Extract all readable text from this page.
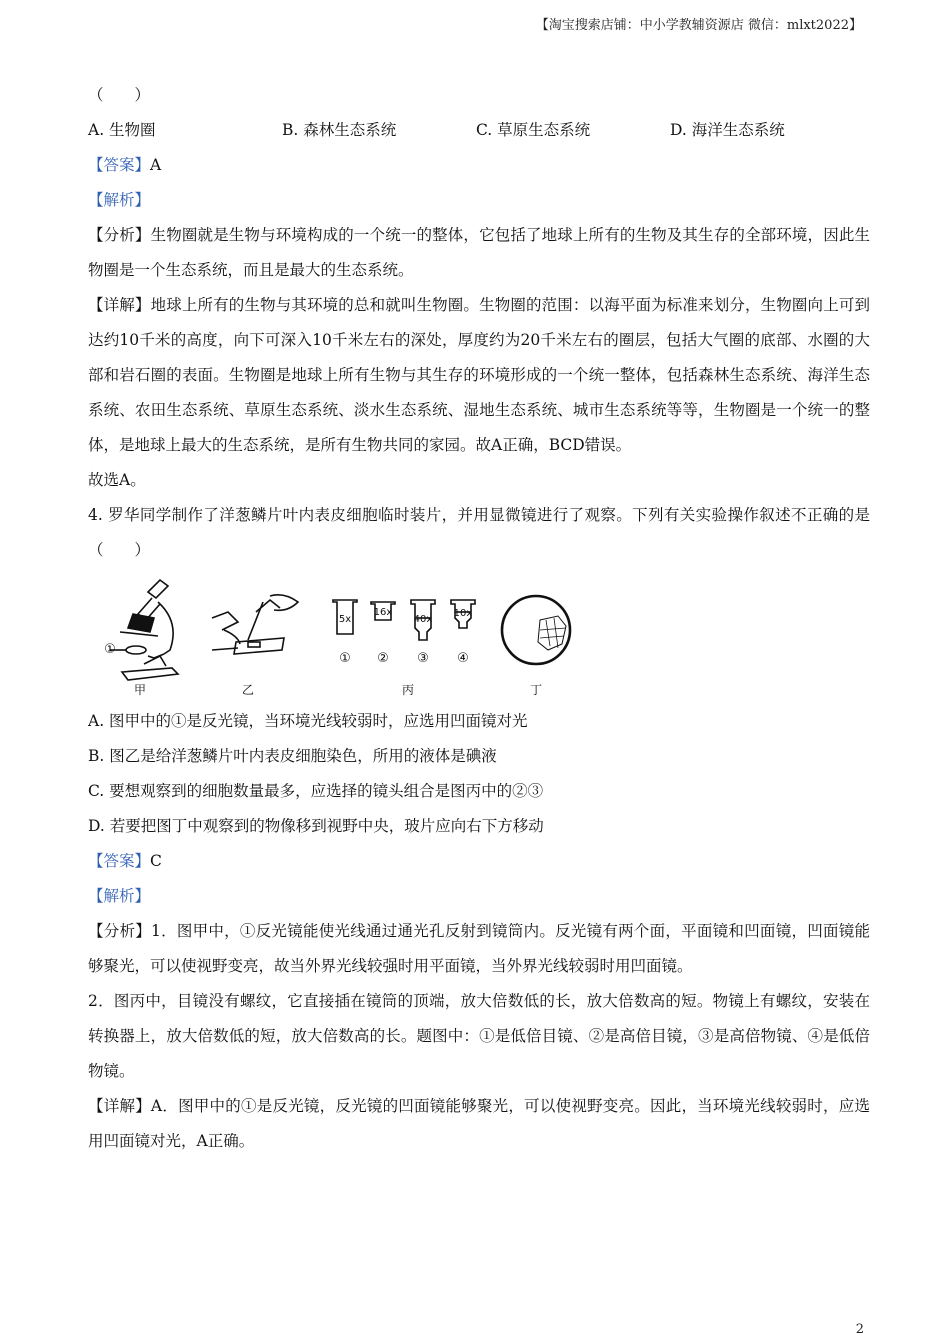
【淘宝搜索店铺：中小学教辅资源店 微信：mlxt2022】
（　　）
A. 生物圈	B. 森林生态系统	C. 草原生态系统	D. 海洋生态系统
【答案】A
【解析】
【分析】生物圈就是生物与环境构成的一个统一的整体，它包括了地球上所有的生物及其生存的全部环境，因此生物圈是一个生态系统，而且是最大的生态系统。
【详解】地球上所有的生物与其环境的总和就叫生物圈。生物圈的范围：以海平面为标准来划分，生物圈向上可到达约10千米的高度，向下可深入10千米左右的深处，厚度约为20千米左右的圈层，包括大气圈的底部、水圈的大部和岩石圈的表面。生物圈是地球上所有生物与其生存的环境形成的一个统一整体，包括森林生态系统、海洋生态系统、农田生态系统、草原生态系统、淡水生态系统、湿地生态系统、城市生态系统等等，生物圈是一个统一的整体，是地球上最大的生态系统，是所有生物共同的家园。故A正确，BCD错误。
故选A。
4. 罗华同学制作了洋葱鳞片叶内表皮细胞临时装片，并用显微镜进行了观察。下列有关实验操作叙述不正确的是（　　）
①
5x
16x
40x
10x
① ② ③ ④
甲	乙	丙	丁
A. 图甲中的①是反光镜，当环境光线较弱时，应选用凹面镜对光
B. 图乙是给洋葱鳞片叶内表皮细胞染色，所用的液体是碘液
C. 要想观察到的细胞数量最多，应选择的镜头组合是图丙中的②③
D. 若要把图丁中观察到的物像移到视野中央，玻片应向右下方移动
【答案】C
【解析】
【分析】1．图甲中，①反光镜能使光线通过通光孔反射到镜筒内。反光镜有两个面，平面镜和凹面镜，凹面镜能够聚光，可以使视野变亮，故当外界光线较强时用平面镜，当外界光线较弱时用凹面镜。
2．图丙中，目镜没有螺纹，它直接插在镜筒的顶端，放大倍数低的长，放大倍数高的短。物镜上有螺纹，安装在转换器上，放大倍数低的短，放大倍数高的长。题图中：①是低倍目镜、②是高倍目镜，③是高倍物镜、④是低倍物镜。
【详解】A．图甲中的①是反光镜，反光镜的凹面镜能够聚光，可以使视野变亮。因此，当环境光线较弱时，应选用凹面镜对光，A正确。
2
